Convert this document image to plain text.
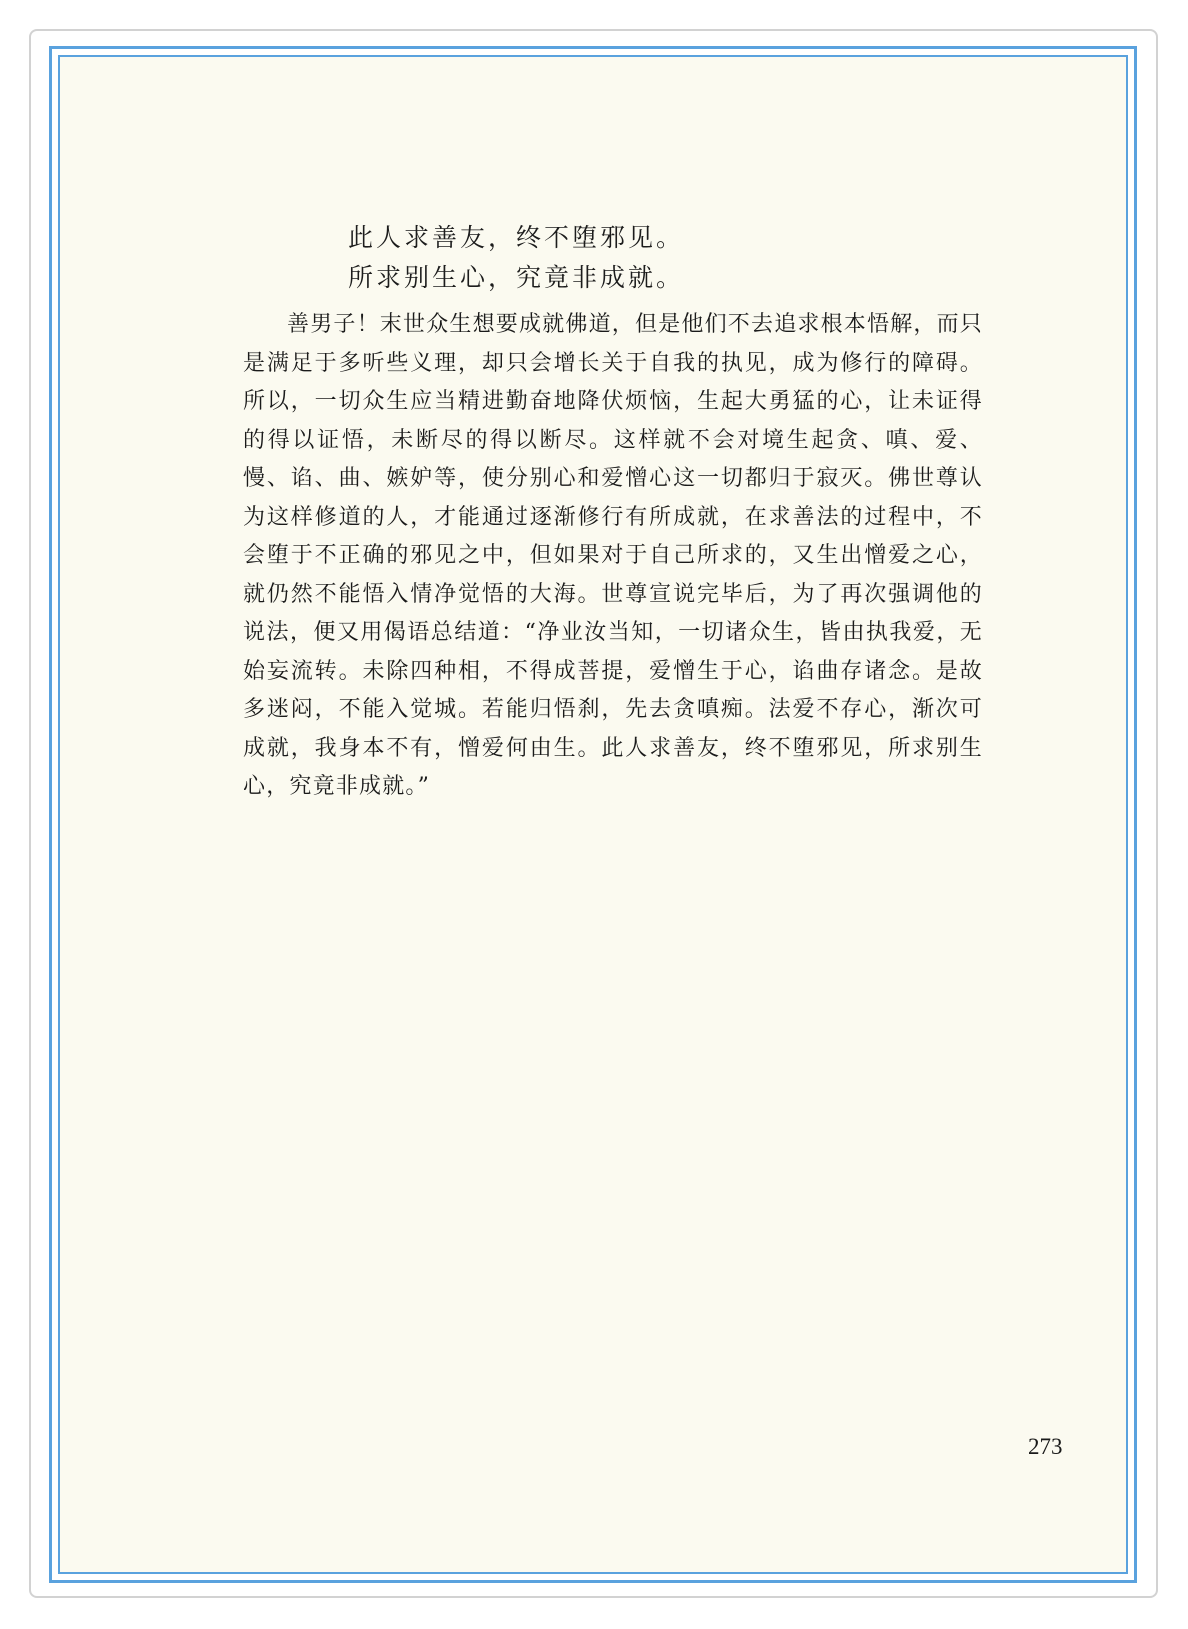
此人求善友，终不堕邪见。
所求别生心，究竟非成就。

善男子！末世众生想要成就佛道，但是他们不去追求根本悟解，而只是满足于多听些义理，却只会增长关于自我的执见，成为修行的障碍。所以，一切众生应当精进勤奋地降伏烦恼，生起大勇猛的心，让未证得的得以证悟，未断尽的得以断尽。这样就不会对境生起贪、嗔、爱、慢、谄、曲、嫉妒等，使分别心和爱憎心这一切都归于寂灭。佛世尊认为这样修道的人，才能通过逐渐修行有所成就，在求善法的过程中，不会堕于不正确的邪见之中，但如果对于自己所求的，又生出憎爱之心，就仍然不能悟入情净觉悟的大海。世尊宣说完毕后，为了再次强调他的说法，便又用偈语总结道：“净业汝当知，一切诸众生，皆由执我爱，无始妄流转。未除四种相，不得成菩提，爱憎生于心，谄曲存诸念。是故多迷闷，不能入觉城。若能归悟刹，先去贪嗔痴。法爱不存心，渐次可成就，我身本不有，憎爱何由生。此人求善友，终不堕邪见，所求别生心，究竟非成就。”

273
